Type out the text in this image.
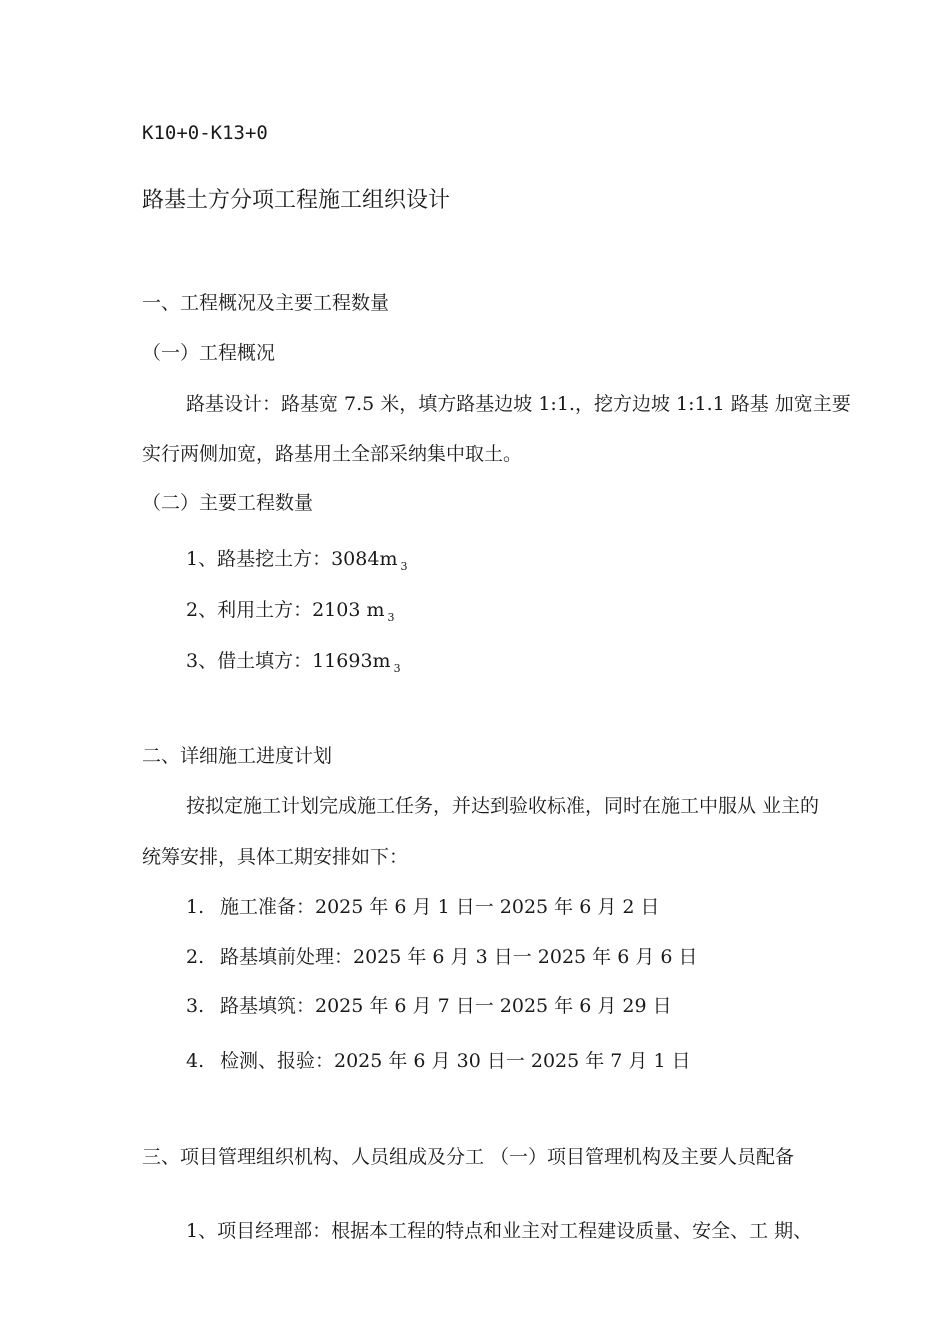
K10+0-K13+0
路基土方分项工程施工组织设计
一、工程概况及主要工程数量
（一）工程概况
路基设计：路基宽 7.5 米，填方路基边坡 1:1.，挖方边坡 1:1.1 路基 加宽主要
实行两侧加宽，路基用土全部采纳集中取土。
（二）主要工程数量
1、路基挖土方：3084m $^3$
2、利用土方：2103 m $^3$
3、借土填方：11693m $^3$
二、详细施工进度计划
按拟定施工计划完成施工任务，并达到验收标准，同时在施工中服从 业主的
统筹安排，具体工期安排如下：
1. 施工准备：2025 年 6 月 1 日一 2025 年 6 月 2 日
2. 路基填前处理：2025 年 6 月 3 日一 2025 年 6 月 6 日
3. 路基填筑：2025 年 6 月 7 日一 2025 年 6 月 29 日
4. 检测、报验：2025 年 6 月 30 日一 2025 年 7 月 1 日
三、项目管理组织机构、人员组成及分工 （一）项目管理机构及主要人员配备
1、项目经理部：根据本工程的特点和业主对工程建设质量、安全、工 期、
